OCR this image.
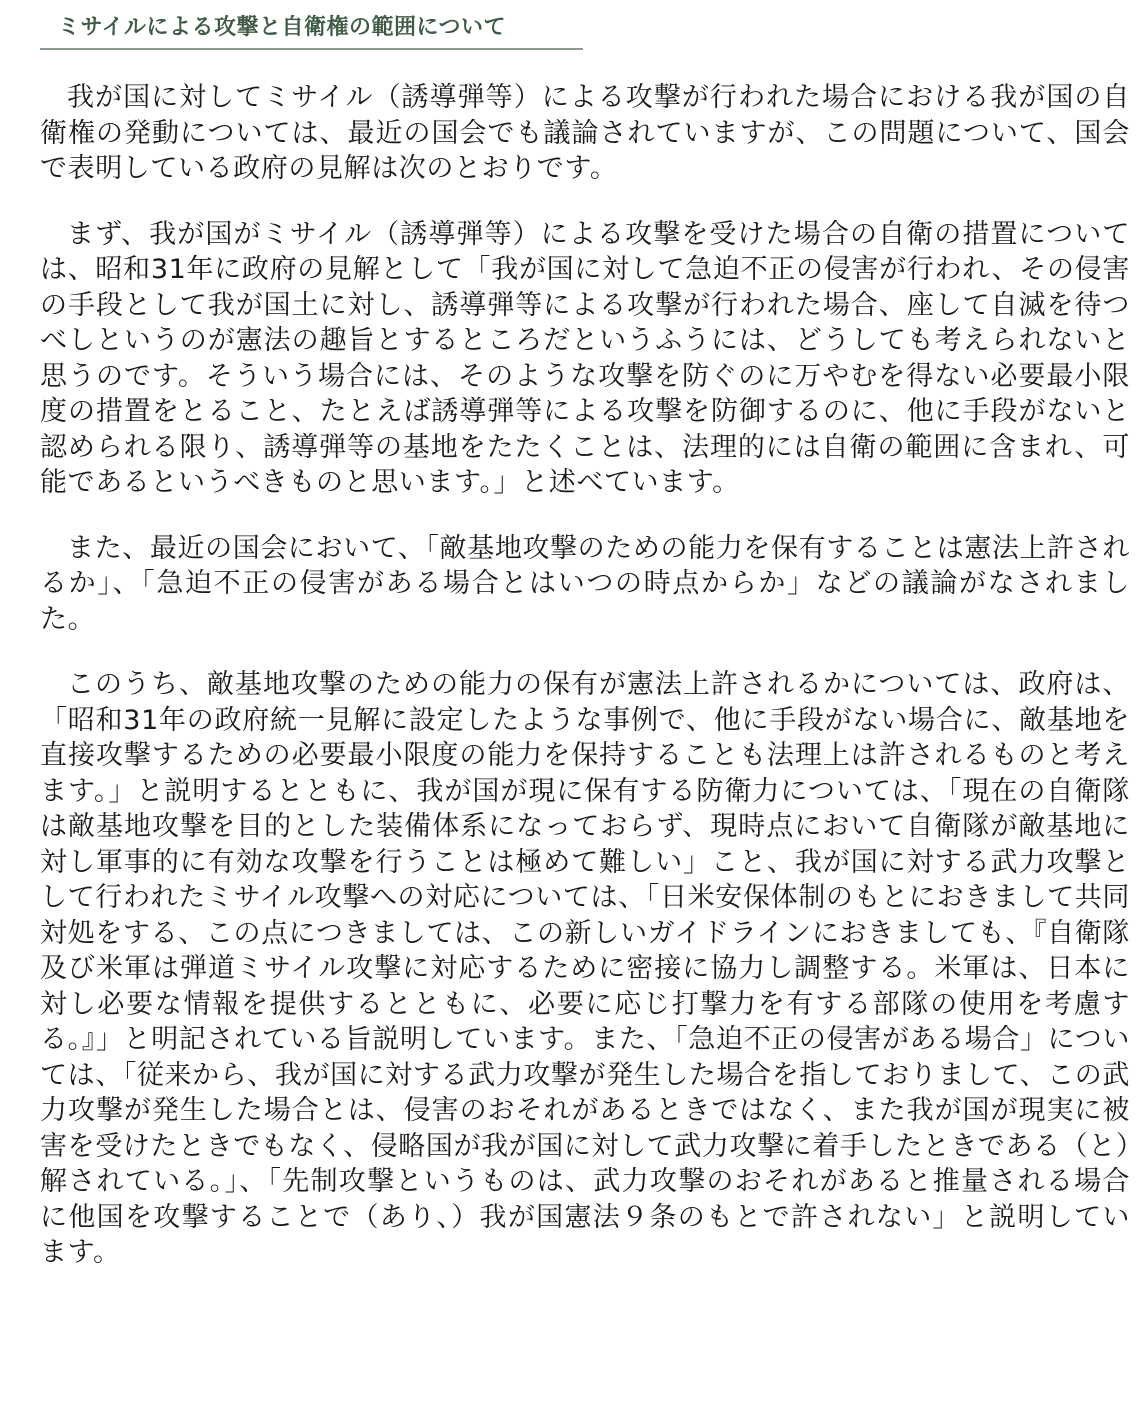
ミサイルによる攻撃と自衛権の範囲について

我が国に対してミサイル（誘導弾等）による攻撃が行われた場合における我が国の自衛権の発動については、最近の国会でも議論されていますが、この問題について、国会で表明している政府の見解は次のとおりです。

まず、我が国がミサイル（誘導弾等）による攻撃を受けた場合の自衛の措置については、昭和31年に政府の見解として「我が国に対して急迫不正の侵害が行われ、その侵害の手段として我が国土に対し、誘導弾等による攻撃が行われた場合、座して自滅を待つべしというのが憲法の趣旨とするところだというふうには、どうしても考えられないと思うのです。そういう場合には、そのような攻撃を防ぐのに万やむを得ない必要最小限度の措置をとること、たとえば誘導弾等による攻撃を防御するのに、他に手段がないと認められる限り、誘導弾等の基地をたたくことは、法理的には自衛の範囲に含まれ、可能であるというべきものと思います。」と述べています。

また、最近の国会において、「敵基地攻撃のための能力を保有することは憲法上許されるか」、「急迫不正の侵害がある場合とはいつの時点からか」などの議論がなされました。

このうち、敵基地攻撃のための能力の保有が憲法上許されるかについては、政府は、「昭和31年の政府統一見解に設定したような事例で、他に手段がない場合に、敵基地を直接攻撃するための必要最小限度の能力を保持することも法理上は許されるものと考えます。」と説明するとともに、我が国が現に保有する防衛力については、「現在の自衛隊は敵基地攻撃を目的とした装備体系になっておらず、現時点において自衛隊が敵基地に対し軍事的に有効な攻撃を行うことは極めて難しい」こと、我が国に対する武力攻撃として行われたミサイル攻撃への対応については、「日米安保体制のもとにおきまして共同対処をする、この点につきましては、この新しいガイドラインにおきましても、『自衛隊及び米軍は弾道ミサイル攻撃に対応するために密接に協力し調整する。米軍は、日本に対し必要な情報を提供するとともに、必要に応じ打撃力を有する部隊の使用を考慮する。』」と明記されている旨説明しています。また、「急迫不正の侵害がある場合」については、「従来から、我が国に対する武力攻撃が発生した場合を指しておりまして、この武力攻撃が発生した場合とは、侵害のおそれがあるときではなく、また我が国が現実に被害を受けたときでもなく、侵略国が我が国に対して武力攻撃に着手したときである（と）解されている。」、「先制攻撃というものは、武力攻撃のおそれがあると推量される場合に他国を攻撃することで（あり、）我が国憲法９条のもとで許されない」と説明しています。
